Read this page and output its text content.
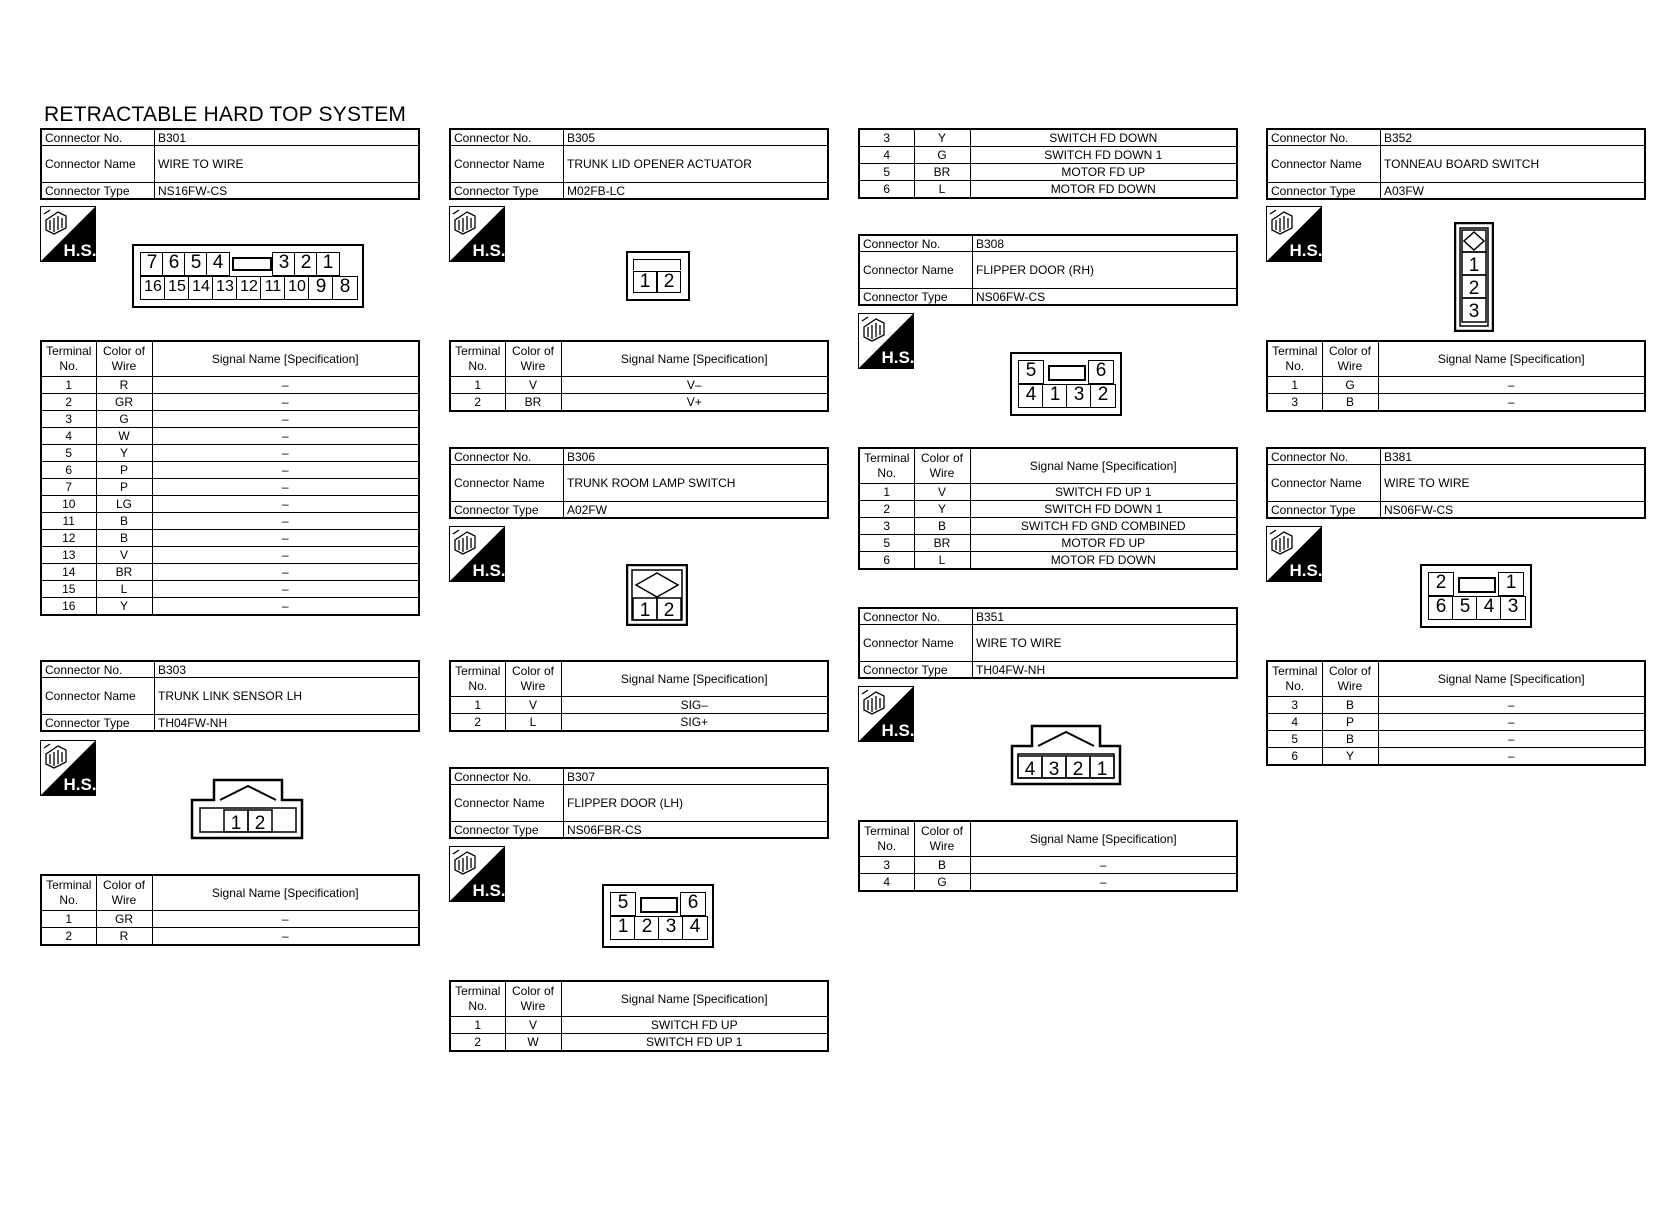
RETRACTABLE HARD TOP SYSTEM
Connector No.	B301
Connector Name	WIRE TO WIRE
Connector Type	NS16FW-CS
H.S.
7 6 5 4	3 2 1
16 15 14 13 12 11 10 9 8
Terminal No.	Color of Wire	Signal Name [Specification]
1	R	–
2	GR	–
3	G	–
4	W	–
5	Y	–
6	P	–
7	P	–
10	LG	–
11	B	–
12	B	–
13	V	–
14	BR	–
15	L	–
16	Y	–
Connector No.	B303
Connector Name	TRUNK LINK SENSOR LH
Connector Type	TH04FW-NH
H.S.
1 2
Terminal No.	Color of Wire	Signal Name [Specification]
1	GR	–
2	R	–
Connector No.	B305
Connector Name	TRUNK LID OPENER ACTUATOR
Connector Type	M02FB-LC
H.S.
1 2
Terminal No.	Color of Wire	Signal Name [Specification]
1	V	V–
2	BR	V+
Connector No.	B306
Connector Name	TRUNK ROOM LAMP SWITCH
Connector Type	A02FW
H.S.
1 2
Terminal No.	Color of Wire	Signal Name [Specification]
1	V	SIG–
2	L	SIG+
Connector No.	B307
Connector Name	FLIPPER DOOR (LH)
Connector Type	NS06FBR-CS
H.S.
5	6
1 2 3 4
Terminal No.	Color of Wire	Signal Name [Specification]
1	V	SWITCH FD UP
2	W	SWITCH FD UP 1
3	Y	SWITCH FD DOWN
4	G	SWITCH FD DOWN 1
5	BR	MOTOR FD UP
6	L	MOTOR FD DOWN
Connector No.	B308
Connector Name	FLIPPER DOOR (RH)
Connector Type	NS06FW-CS
H.S.
5	6
4 1 3 2
Terminal No.	Color of Wire	Signal Name [Specification]
1	V	SWITCH FD UP 1
2	Y	SWITCH FD DOWN 1
3	B	SWITCH FD GND COMBINED
5	BR	MOTOR FD UP
6	L	MOTOR FD DOWN
Connector No.	B351
Connector Name	WIRE TO WIRE
Connector Type	TH04FW-NH
H.S.
4 3 2 1
Terminal No.	Color of Wire	Signal Name [Specification]
3	B	–
4	G	–
Connector No.	B352
Connector Name	TONNEAU BOARD SWITCH
Connector Type	A03FW
H.S.
1
2
3
Terminal No.	Color of Wire	Signal Name [Specification]
1	G	–
3	B	–
Connector No.	B381
Connector Name	WIRE TO WIRE
Connector Type	NS06FW-CS
H.S.
2	1
6 5 4 3
Terminal No.	Color of Wire	Signal Name [Specification]
3	B	–
4	P	–
5	B	–
6	Y	–
